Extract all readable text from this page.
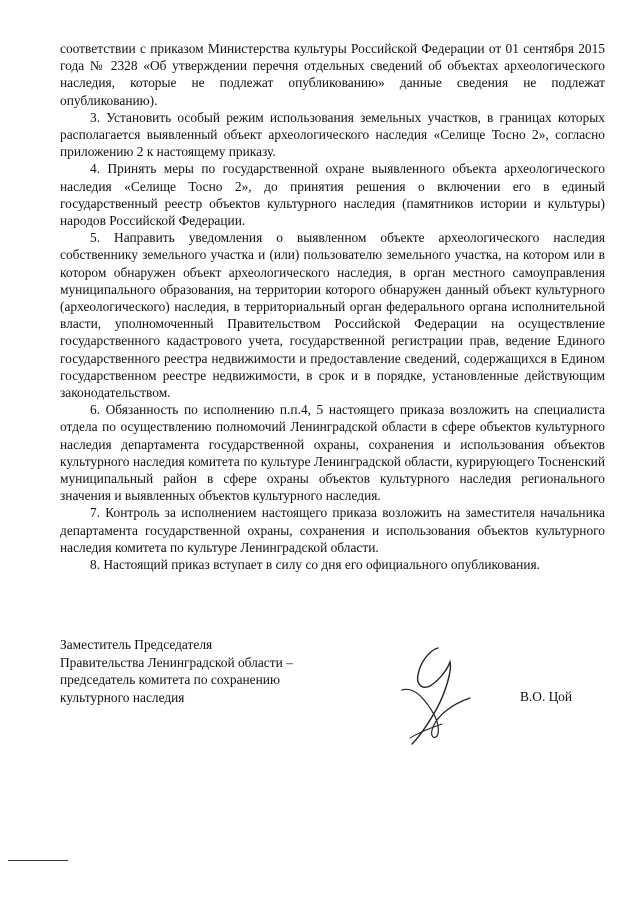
соответствии с приказом Министерства культуры Российской Федерации от 01 сентября 2015 года № 2328 «Об утверждении перечня отдельных сведений об объектах археологического наследия, которые не подлежат опубликованию» данные сведения не подлежат опубликованию).

3. Установить особый режим использования земельных участков, в границах которых располагается выявленный объект археологического наследия «Селище Тосно 2», согласно приложению 2 к настоящему приказу.

4. Принять меры по государственной охране выявленного объекта археологического наследия «Селище Тосно 2», до принятия решения о включении его в единый государственный реестр объектов культурного наследия (памятников истории и культуры) народов Российской Федерации.

5. Направить уведомления о выявленном объекте археологического наследия собственнику земельного участка и (или) пользователю земельного участка, на котором или в котором обнаружен объект археологического наследия, в орган местного самоуправления муниципального образования, на территории которого обнаружен данный объект культурного (археологического) наследия, в территориальный орган федерального органа исполнительной власти, уполномоченный Правительством Российской Федерации на осуществление государственного кадастрового учета, государственной регистрации прав, ведение Единого государственного реестра недвижимости и предоставление сведений, содержащихся в Едином государственном реестре недвижимости, в срок и в порядке, установленные действующим законодательством.

6. Обязанность по исполнению п.п.4, 5 настоящего приказа возложить на специалиста отдела по осуществлению полномочий Ленинградской области в сфере объектов культурного наследия департамента государственной охраны, сохранения и использования объектов культурного наследия комитета по культуре Ленинградской области, курирующего Тосненский муниципальный район в сфере охраны объектов культурного наследия регионального значения и выявленных объектов культурного наследия.

7. Контроль за исполнением настоящего приказа возложить на заместителя начальника департамента государственной охраны, сохранения и использования объектов культурного наследия комитета по культуре Ленинградской области.

8. Настоящий приказ вступает в силу со дня его официального опубликования.

Заместитель Председателя
Правительства Ленинградской области –
председатель комитета по сохранению
культурного наследия	В.О. Цой
